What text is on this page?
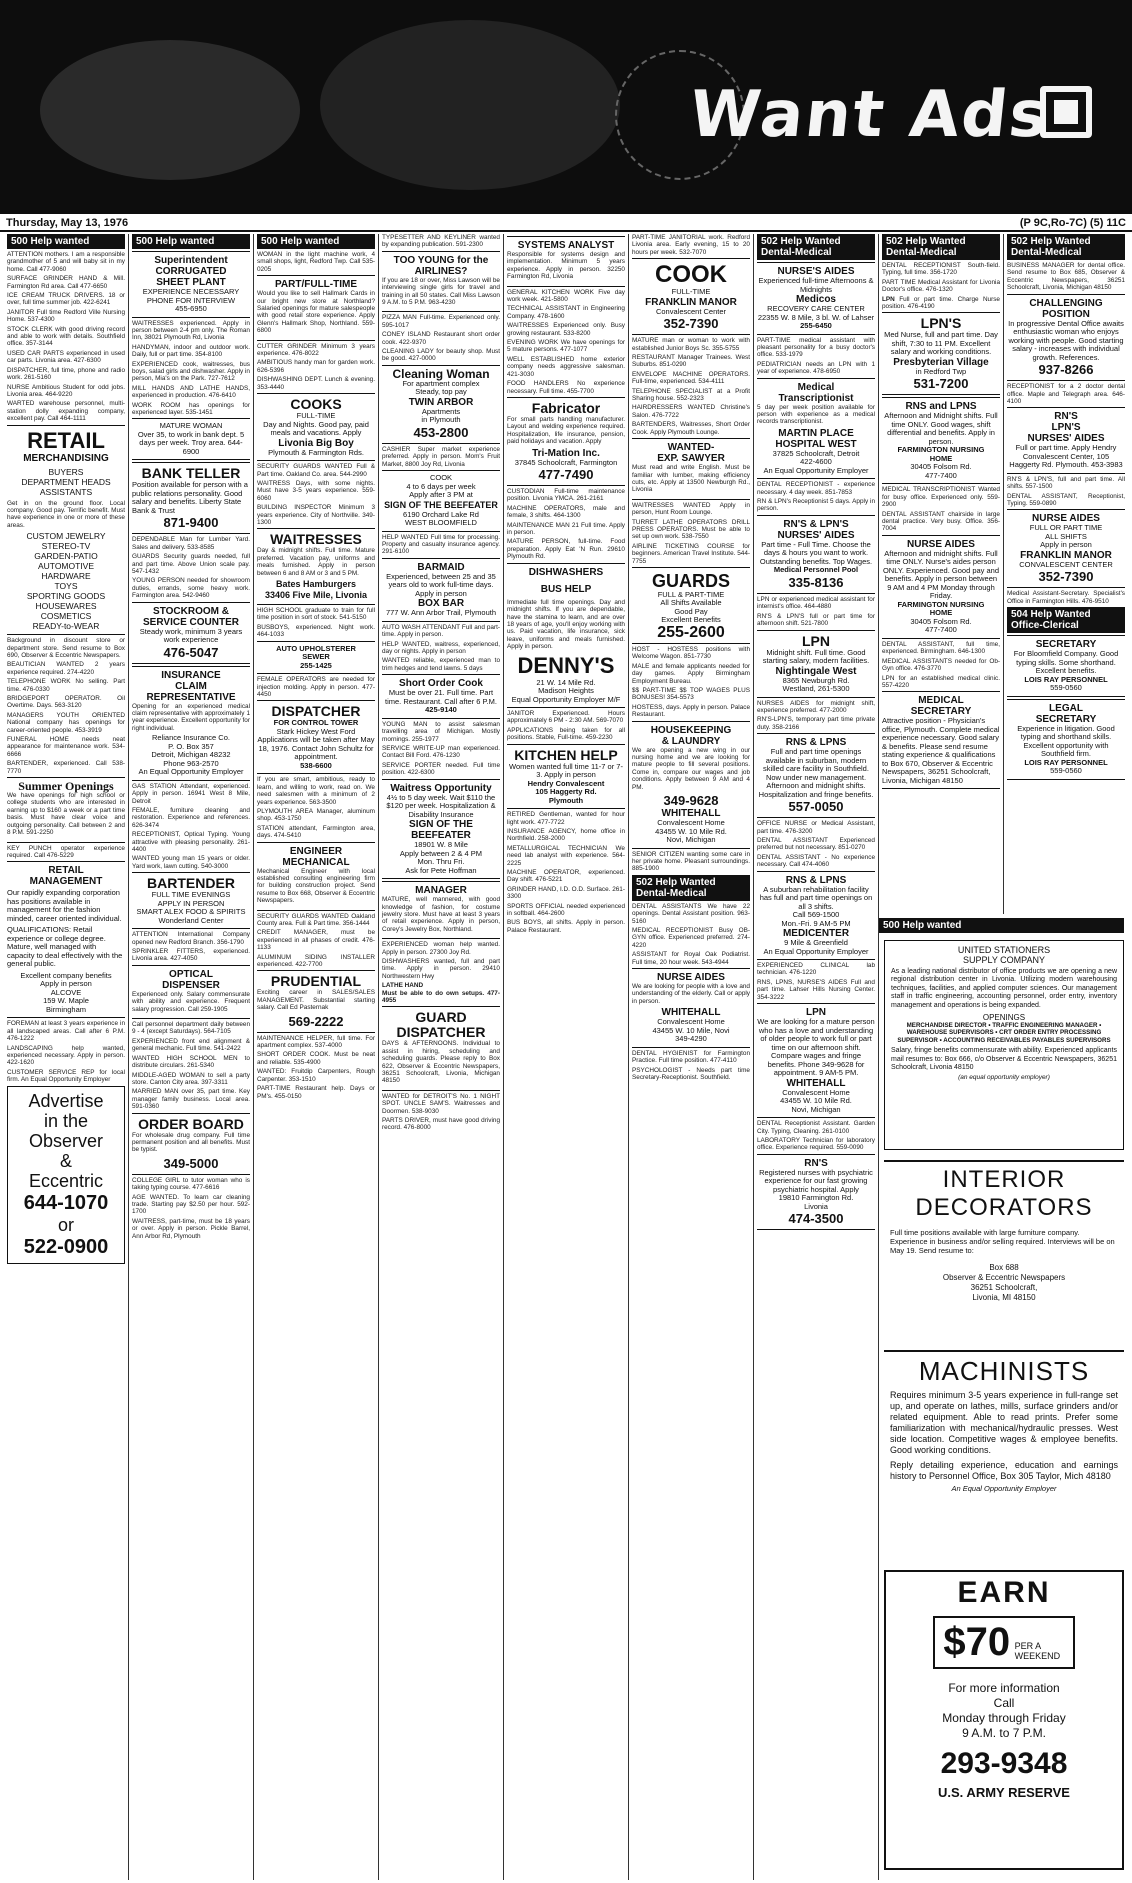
Want Ads
Thursday, May 13, 1976	(P 9C,Ro-7C) (5) 11C
500 Help wanted
ATTENTION mothers. I am a responsible grandmother of 5 and will baby sit in my home. Call 477-9060
SURFACE GRINDER HAND & Mill. Farmington Rd area. Call 477-6650
ICE CREAM TRUCK DRIVERS. 18 or over, full time summer job. 422-6241
JANITOR Full time Redford Ville Nursing Home. 537-4300
STOCK CLERK with good driving record and able to work with details. Southfield office. 357-3144
USED CAR PARTS experienced in used car parts. Livonia area. 427-6300
DISPATCHER, full time, phone and radio work. 261-5160
NURSE Ambitious Student for odd jobs. Livonia area. 464-9220
WARTED warehouse personnel, multi-station dolly expanding company, excellent pay. Call 464-1111
RETAIL
MERCHANDISING
BUYERS
DEPARTMENT HEADS
ASSISTANTS
Get in on the ground floor. Local company. Good pay. Terrific benefit. Must have experience in one or more of these areas.
CUSTOM JEWELRY
STEREO-TV
GARDEN-PATIO
AUTOMOTIVE
HARDWARE
TOYS
SPORTING GOODS
HOUSEWARES
COSMETICS
READY-to-WEAR
Background in discount store or department store. Send resume to Box 690, Observer & Eccentric Newspapers.
BEAUTICIAN WANTED 2 years experience required. 274-4220
TELEPHONE WORK No selling. Part time. 476-0330
BRIDGEPORT OPERATOR. Oil Overtime. Days. 563-3120
MANAGERS YOUTH ORIENTED National company has openings for career-oriented people. 453-3919
FUNERAL HOME needs neat appearance for maintenance work. 534-6666
BARTENDER, experienced. Call 538-7770
Summer Openings
We have openings for high school or college students who are interested in earning up to $160 a week or a part time basis. Must have clear voice and outgoing personality. Call between 2 and 8 P.M. 591-2250
KEY PUNCH operator experience required. Call 476-5229
RETAIL
MANAGEMENT
Our rapidly expanding corporation has positions available in management for the fashion minded, career oriented individual.
QUALIFICATIONS: Retail experience or college degree. Mature, well managed with capacity to deal effectively with the general public.
Excellent company benefits
Apply in person
ALCOVE
159 W. Maple
Birmingham
FOREMAN at least 3 years experience in all landscaped areas. Call after 6 P.M. 476-1222
LANDSCAPING help wanted, experienced necessary. Apply in person. 422-1620
CUSTOMER SERVICE REP for local firm. An Equal Opportunity Employer
Advertise
in the
Observer
&
Eccentric
644-1070
or
522-0900
500 Help wanted
Superintendent
CORRUGATED
SHEET PLANT
EXPERIENCE NECESSARY
PHONE FOR INTERVIEW
455-6950
WAITRESSES experienced. Apply in person between 2-4 pm only. The Roman Inn, 38021 Plymouth Rd, Livonia
HANDYMAN, indoor and outdoor work. Daily, full or part time. 354-8100
EXPERIENCED cook, waitresses, bus boys, salad girls and dishwasher. Apply in person, Mia's on the Park. 727-7612
MILL HANDS AND LATHE HANDS, experienced in production. 476-6410
WORK ROOM has openings for experienced layer. 535-1451
MATURE WOMAN
Over 35, to work in bank dept. 5 days per week. Troy area. 644-6900
BANK TELLER
Position available for person with a public relations personality. Good salary and benefits. Liberty State Bank & Trust
871-9400
DEPENDABLE Man for Lumber Yard. Sales and delivery. 533-8585
GUARDS Security guards needed, full and part time. Above Union scale pay. 547-1432
YOUNG PERSON needed for showroom duties, errands, some heavy work. Farmington area. 542-9460
STOCKROOM &
SERVICE COUNTER
Steady work, minimum 3 years work experience
476-5047
INSURANCE
CLAIM
REPRESENTATIVE
Opening for an experienced medical claim representative with approximately 1 year experience. Excellent opportunity for right individual.
Reliance Insurance Co.
P. O. Box 357
Detroit, Michigan 48232
Phone 963-2570
An Equal Opportunity Employer
GAS STATION Attendant, experienced. Apply in person. 16941 West 8 Mile, Detroit
FEMALE, furniture cleaning and restoration. Experience and references. 626-3474
RECEPTIONIST, Optical Typing. Young attractive with pleasing personality. 261-4400
WANTED young man 15 years or older. Yard work, lawn cutting. 540-3000
BARTENDER
FULL TIME EVENINGS
APPLY IN PERSON
SMART ALEX FOOD & SPIRITS
Wonderland Center
ATTENTION International Company opened new Redford Branch. 356-1790
SPRINKLER FITTERS, experienced. Livonia area. 427-4050
OPTICAL
DISPENSER
Experienced only. Salary commensurate with ability and experience. Frequent salary progression. Call 259-1905
Call personnel department daily between 9 - 4 (except Saturdays). 564-7105
EXPERIENCED front end alignment & general mechanic. Full time. 541-2422
WANTED HIGH SCHOOL MEN to distribute circulars. 261-5340
MIDDLE-AGED WOMAN to sell a party store. Canton City area. 397-3311
MARRIED MAN over 35, part time. Key manager family business. Local area. 591-0360
ORDER BOARD
For wholesale drug company. Full time permanent position and all benefits. Must be typist.
349-5000
COLLEGE GIRL to tutor woman who is taking typing course. 477-6616
AGE WANTED. To learn car cleaning trade. Starting pay $2.50 per hour. 592-1700
WAITRESS, part-time, must be 18 years or over. Apply in person. Pickle Barrel, Ann Arbor Rd, Plymouth
500 Help wanted
WOMAN in the light machine work, 4 small shops, light, Redford Twp. Call 535-0205
PART/FULL-TIME
Would you like to sell Hallmark Cards in our bright new store at Northland? Salaried openings for mature salespeople with good retail store experience. Apply Glenn's Hallmark Shop, Northland. 559-6800
CUTTER GRINDER Minimum 3 years experience. 476-8022
AMBITIOUS handy man for garden work. 626-5396
DISHWASHING DEPT. Lunch & evening. 353-4440
COOKS
FULL-TIME
Day and Nights. Good pay, paid meals and vacations. Apply
Livonia Big Boy
Plymouth & Farmington Rds.
SECURITY GUARDS WANTED Full & Part time. Oakland Co. area. 544-2990
WAITRESS Days, with some nights. Must have 3-5 years experience. 559-6060
BUILDING INSPECTOR Minimum 3 years experience. City of Northville. 349-1300
WAITRESSES
Day & midnight shifts. Full time. Mature preferred. Vacation pay, uniforms and meals furnished. Apply in person between 6 and 8 AM or 3 and 5 PM.
Bates Hamburgers
33406 Five Mile, Livonia
HIGH SCHOOL graduate to train for full time position in sort of stock. 541-5150
BUSBOYS, experienced. Night work. 464-1033
AUTO UPHOLSTERER
SEWER
255-1425
FEMALE OPERATORS are needed for injection molding. Apply in person. 477-4450
DISPATCHER
FOR CONTROL TOWER
Stark Hickey West Ford Applications will be taken after May 18, 1976. Contact John Schultz for appointment.
538-6600
If you are smart, ambitious, ready to learn, and willing to work, read on. We need salesmen with a minimum of 2 years experience. 563-3500
PLYMOUTH AREA Manager, aluminum shop. 453-1750
STATION attendant, Farmington area, days. 474-5410
ENGINEER
MECHANICAL
Mechanical Engineer with local established consulting engineering firm for building construction project. Send resume to Box 668, Observer & Eccentric Newspapers.
SECURITY GUARDS WANTED Oakland County area. Full & Part time. 356-1444
CREDIT MANAGER, must be experienced in all phases of credit. 476-1133
ALUMINUM SIDING INSTALLER experienced. 422-7700
PRUDENTIAL
Exciting career in SALES/SALES MANAGEMENT. Substantial starting salary. Call Ed Pasternak
569-2222
MAINTENANCE HELPER, full time. For apartment complex. 537-4000
SHORT ORDER COOK. Must be neat and reliable. 535-4900
WANTED: Fruitdip Carpenters, Rough Carpenter. 353-1510
PART-TIME Restaurant help. Days or PM's. 455-0150
TYPESETTER AND KEYLINER wanted by expanding publication. 591-2300
TOO YOUNG for the
AIRLINES?
If you are 18 or over, Miss Lawson will be interviewing single girls for travel and training in all 50 states. Call Miss Lawson 9 A.M. to 5 P.M. 963-4230
PIZZA MAN Full-time. Experienced only. 595-1017
CONEY ISLAND Restaurant short order cook. 422-9370
CLEANING LADY for beauty shop. Must be good. 427-0000
Cleaning Woman
For apartment complex
Steady, top pay
TWIN ARBOR
Apartments
in Plymouth
453-2800
CASHIER Super market experience preferred. Apply in person. Mom's Fruit Market, 8800 Joy Rd, Livonia
COOK
4 to 6 days per week
Apply after 3 PM at
SIGN OF THE BEEFEATER
6190 Orchard Lake Rd
WEST BLOOMFIELD
HELP WANTED Full time for processing. Property and casualty insurance agency. 291-6100
BARMAID
Experienced, between 25 and 35 years old to work full-time days. Apply in person
BOX BAR
777 W. Ann Arbor Trail, Plymouth
AUTO WASH ATTENDANT Full and part-time. Apply in person.
HELP WANTED, waitress, experienced, day or nights. Apply in person
WANTED reliable, experienced man to trim hedges and tend lawns. 5 days
Short Order Cook
Must be over 21. Full time. Part time. Restaurant. Call after 6 P.M.
425-9140
YOUNG MAN to assist salesman travelling area of Michigan. Mostly mornings. 255-1977
SERVICE WRITE-UP man experienced. Contact Bill Ford. 476-1230
SERVICE PORTER needed. Full time position. 422-6300
Waitress Opportunity
4½ to 5 day week. Wait $110 the $120 per week. Hospitalization & Disability Insurance
SIGN OF THE
BEEFEATER
18901 W. 8 Mile
Apply between 2 & 4 PM
Mon. Thru Fri.
Ask for Pete Hoffman
MANAGER
MATURE, well mannered, with good knowledge of fashion, for costume jewelry store. Must have at least 3 years of retail experience. Apply in person, Corey's Jewelry Box, Northland.
EXPERIENCED woman help wanted. Apply in person. 27300 Joy Rd.
DISHWASHERS wanted, full and part time. Apply in person. 29410 Northwestern Hwy
LATHE HAND
Must be able to do own setups. 477-4955
GUARD
DISPATCHER
DAYS & AFTERNOONS. Individual to assist in hiring, scheduling and scheduling guards. Please reply to Box 622, Observer & Eccentric Newspapers, 36251 Schoolcraft, Livonia, Michigan 48150
WANTED for DETROIT'S No. 1 NIGHT SPOT. UNCLE SAM'S. Waitresses and Doormen. 538-9030
PARTS DRIVER, must have good driving record. 476-8000
SYSTEMS ANALYST
Responsible for systems design and implementation. Minimum 5 years experience. Apply in person. 32250 Farmington Rd, Livonia
GENERAL KITCHEN WORK Five day work week. 421-5800
TECHNICAL ASSISTANT in Engineering Company. 478-1600
WAITRESSES Experienced only. Busy growing restaurant. 533-8200
EVENING WORK We have openings for 5 mature persons. 477-1077
WELL ESTABLISHED home exterior company needs aggressive salesman. 421-3030
FOOD HANDLERS No experience necessary. Full time. 455-7700
Fabricator
For small parts handling manufacturer. Layout and welding experience required. Hospitalization, life insurance, pension, paid holidays and vacation. Apply
Tri-Mation Inc.
37845 Schoolcraft, Farmington
477-7490
CUSTODIAN Full-time maintenance position. Livonia YMCA. 261-2161
MACHINE OPERATORS, male and female, 3 shifts. 464-1300
MAINTENANCE MAN 21 Full time. Apply in person.
MATURE PERSON, full-time. Food preparation. Apply Eat 'N Run. 29610 Plymouth Rd.
DISHWASHERS
BUS HELP
Immediate full time openings. Day and midnight shifts. If you are dependable, have the stamina to learn, and are over 18 years of age, you'll enjoy working with us. Paid vacation, life insurance, sick leave, uniforms and meals furnished. Apply in person.
DENNY'S
21 W. 14 Mile Rd.
Madison Heights
Equal Opportunity Employer M/F
JANITOR Experienced. Hours approximately 6 PM - 2:30 AM. 569-7070
APPLICATIONS being taken for all positions. Stable, Full-time. 459-2230
KITCHEN HELP
Women wanted full time 11-7 or 7-3. Apply in person
Hendry Convalescent
105 Haggerty Rd.
Plymouth
RETIRED Gentleman, wanted for hour light work. 477-7722
INSURANCE AGENCY, home office in Northfield. 258-2000
METALLURGICAL TECHNICIAN We need lab analyst with experience. 564-2225
MACHINE OPERATOR, experienced. Day shift. 476-5221
GRINDER HAND, I.D. O.D. Surface. 261-3300
SPORTS OFFICIAL needed experienced in softball. 464-2600
BUS BOYS, all shifts. Apply in person. Palace Restaurant.
PART-TIME JANITORIAL work. Redford Livonia area. Early evening, 15 to 20 hours per week. 532-7070
COOK
FULL-TIME
FRANKLIN MANOR
Convalescent Center
352-7390
MATURE man or woman to work with established Junior Boys Sc. 355-5755
RESTAURANT Manager Trainees. West Suburbs. 851-0290
ENVELOPE MACHINE OPERATORS. Full-time, experienced. 534-4111
TELEPHONE SPECIALIST at a Profit Sharing house. 552-2323
HAIRDRESSERS WANTED Christine's Salon. 476-7722
BARTENDERS, Waitresses, Short Order Cook. Apply Plymouth Lounge.
WANTED-
EXP. SAWYER
Must read and write English. Must be familiar with lumber, making efficiency cuts, etc. Apply at 13500 Newburgh Rd., Livonia
WAITRESSES WANTED Apply in person, Hunt Room Lounge.
TURRET LATHE OPERATORS DRILL PRESS OPERATORS. Must be able to set up own work. 538-7550
AIRLINE TICKETING COURSE for beginners. American Travel Institute. 544-7755
GUARDS
FULL & PART-TIME
All Shifts Available
Good Pay
Excellent Benefits
255-2600
HOST - HOSTESS positions with Welcome Wagon. 851-7730
MALE and female applicants needed for day games. Apply Birmingham Employment Bureau.
$$ PART-TIME $$ TOP WAGES PLUS BONUSES! 354-5573
HOSTESS, days. Apply in person. Palace Restaurant.
HOUSEKEEPING
& LAUNDRY
We are opening a new wing in our nursing home and we are looking for mature people to fill several positions. Come in, compare our wages and job conditions. Apply between 9 AM and 4 PM.
349-9628
WHITEHALL
Convalescent Home
43455 W. 10 Mile Rd.
Novi, Michigan
SENIOR CITIZEN wanting some care in her private home. Pleasant surroundings. 885-1900
502 Help Wanted Dental-Medical
DENTAL ASSISTANTS We have 22 openings. Dental Assistant position. 963-5160
MEDICAL RECEPTIONIST Busy OB-GYN office. Experienced preferred. 274-4220
ASSISTANT for Royal Oak Podiatrist. Full time, 20 hour week. 543-4944
NURSE AIDES
We are looking for people with a love and understanding of the elderly. Call or apply in person.
WHITEHALL
Convalescent Home
43455 W. 10 Mile, Novi
349-4290
DENTAL HYGIENIST for Farmington Practice. Full time position. 477-4110
PSYCHOLOGIST - Needs part time Secretary-Receptionist. Southfield.
502 Help Wanted Dental-Medical
NURSE'S AIDES
Experienced full-time Afternoons & Midnights
Medicos
RECOVERY CARE CENTER
22355 W. 8 Mile, 3 bl. W. of Lahser
255-6450
PART-TIME medical assistant with pleasant personality for a busy doctor's office. 533-1979
PEDIATRICIAN needs an LPN with 1 year of experience. 478-6950
Medical
Transcriptionist
5 day per week position available for person with experience as a medical records transcriptionist.
MARTIN PLACE
HOSPITAL WEST
37825 Schoolcraft, Detroit
422-4600
An Equal Opportunity Employer
DENTAL RECEPTIONIST - experience necessary. 4 day week. 851-7853
RN & LPN's Receptionist 5 days. Apply in person.
RN'S & LPN'S
NURSES' AIDES
Part time - Full Time. Choose the days & hours you want to work. Outstanding benefits. Top Wages.
Medical Personnel Pool
335-8136
LPN or experienced medical assistant for internist's office. 464-4880
RN'S & LPN'S full or part time for afternoon shift. 521-7800
LPN
Midnight shift. Full time. Good starting salary, modern facilities.
Nightingale West
8365 Newburgh Rd.
Westland, 261-5300
NURSES AIDES for midnight shift, experience preferred. 477-2000
RN'S-LPN'S, temporary part time private duty. 358-2166
RNS & LPNS
Full and part time openings available in suburban, modern skilled care facility in Southfield. Now under new management. Afternoon and midnight shifts. Hospitalization and fringe benefits.
557-0050
OFFICE NURSE or Medical Assistant, part time. 476-3200
DENTAL ASSISTANT Experienced preferred but not necessary. 851-0270
DENTAL ASSISTANT - No experience necessary. Call 474-4060
RNS & LPNS
A suburban rehabilitation facility has full and part time openings on all 3 shifts.
Call 569-1500
Mon.-Fri. 9 AM-5 PM
MEDICENTER
9 Mile & Greenfield
An Equal Opportunity Employer
EXPERIENCED CLINICAL lab technician. 476-1220
RNS, LPNS, NURSE'S AIDES Full and part time. Lahser Hills Nursing Center. 354-3222
LPN
We are looking for a mature person who has a love and understanding of older people to work full or part time on our afternoon shift. Compare wages and fringe benefits. Phone 349-9628 for appointment. 9 AM-5 PM.
WHITEHALL
Convalescent Home
43455 W. 10 Mile Rd.
Novi, Michigan
DENTAL Receptionist Assistant. Garden City. Typing, Cleaning. 261-0100
LABORATORY Technician for laboratory office. Experience required. 559-0090
RN'S
Registered nurses with psychiatric experience for our fast growing psychiatric hospital. Apply
19810 Farmington Rd.
Livonia
474-3500
502 Help Wanted Dental-Medical
DENTAL RECEPTIONIST South-field. Typing, full time. 356-1720
PART TIME Medical Assistant for Livonia Doctor's office. 476-1320
LPN Full or part time. Charge Nurse position. 476-4190
LPN'S
Med Nurse, full and part time. Day shift, 7:30 to 11 PM. Excellent salary and working conditions.
Presbyterian Village
in Redford Twp
531-7200
RNS and LPNS
Afternoon and Midnight shifts. Full time ONLY. Good wages, shift differential and benefits. Apply in person.
FARMINGTON NURSING
HOME
30405 Folsom Rd.
477-7400
MEDICAL TRANSCRIPTIONIST Wanted for busy office. Experienced only. 559-2900
DENTAL ASSISTANT chairside in large dental practice. Very busy. Office. 356-7004
NURSE AIDES
Afternoon and midnight shifts. Full time ONLY. Nurse's aides person ONLY. Experienced. Good pay and benefits. Apply in person between 9 AM and 4 PM Monday through Friday.
FARMINGTON NURSING
HOME
30405 Folsom Rd.
477-7400
DENTAL ASSISTANT, full time, experienced. Birmingham. 646-1300
MEDICAL ASSISTANTS needed for Ob-Gyn office. 476-3770
LPN for an established medical clinic. 557-4220
MEDICAL
SECRETARY
Attractive position - Physician's office, Plymouth. Complete medical experience necessary. Good salary & benefits. Please send resume stating experience & qualifications to Box 670, Observer & Eccentric Newspapers, 36251 Schoolcraft, Livonia, Michigan 48150
502 Help Wanted Dental-Medical
BUSINESS MANAGER for dental office. Send resume to Box 685, Observer & Eccentric Newspapers, 36251 Schoolcraft, Livonia, Michigan 48150
CHALLENGING
POSITION
In progressive Dental Office awaits enthusiastic woman who enjoys working with people. Good starting salary - increases with individual growth. References.
937-8266
RECEPTIONIST for a 2 doctor dental office. Maple and Telegraph area. 646-4100
RN'S
LPN'S
NURSES' AIDES
Full or part time. Apply Hendry Convalescent Center, 105 Haggerty Rd. Plymouth. 453-3983
RN'S & LPN'S, full and part time. All shifts. 557-1500
DENTAL ASSISTANT, Receptionist, Typing. 559-0890
NURSE AIDES
FULL OR PART TIME
ALL SHIFTS
Apply in person
FRANKLIN MANOR
CONVALESCENT CENTER
352-7390
Medical Assistant-Secretary. Specialist's Office in Farmington Hills. 476-9510
504 Help Wanted Office-Clerical
SECRETARY
For Bloomfield Company. Good typing skills. Some shorthand. Excellent benefits.
LOIS RAY PERSONNEL
559-0560
LEGAL
SECRETARY
Experience in litigation. Good typing and shorthand skills. Excellent opportunity with Southfield firm.
LOIS RAY PERSONNEL
559-0560
500 Help wanted
UNITED STATIONERS
SUPPLY COMPANY
As a leading national distributor of office products we are opening a new regional distribution center in Livonia. Utilizing modern warehousing techniques, facilities, and applied computer sciences. Our management staff in traffic engineering, accounting personnel, order entry, inventory management and operations is being expanded.
OPENINGS
MERCHANDISE DIRECTOR • TRAFFIC ENGINEERING MANAGER • WAREHOUSE SUPERVISORS • CRT ORDER ENTRY PROCESSING SUPERVISOR • ACCOUNTING RECEIVABLES PAYABLES SUPERVISORS
Salary, fringe benefits commensurate with ability. Experienced applicants mail resumes to: Box 666, c/o Observer & Eccentric Newspapers, 36251 Schoolcraft, Livonia 48150
(an equal opportunity employer)
INTERIOR
DECORATORS
Full time positions available with large furniture company. Experience in business and/or selling required. Interviews will be on May 19. Send resume to:
Box 688
Observer & Eccentric Newspapers
36251 Schoolcraft,
Livonia, MI 48150
MACHINISTS
Requires minimum 3-5 years experience in full-range set up, and operate on lathes, mills, surface grinders and/or related equipment. Able to read prints. Prefer some familiarization with mechanical/hydraulic presses. West side location. Competitive wages & employee benefits. Good working conditions.
Reply detailing experience, education and earnings history to Personnel Office, Box 305 Taylor, Mich 48180
An Equal Opportunity Employer
EARN
$70 PER A
WEEKEND
For more information
Call
Monday through Friday
9 A.M. to 7 P.M.
293-9348
U.S. ARMY RESERVE
